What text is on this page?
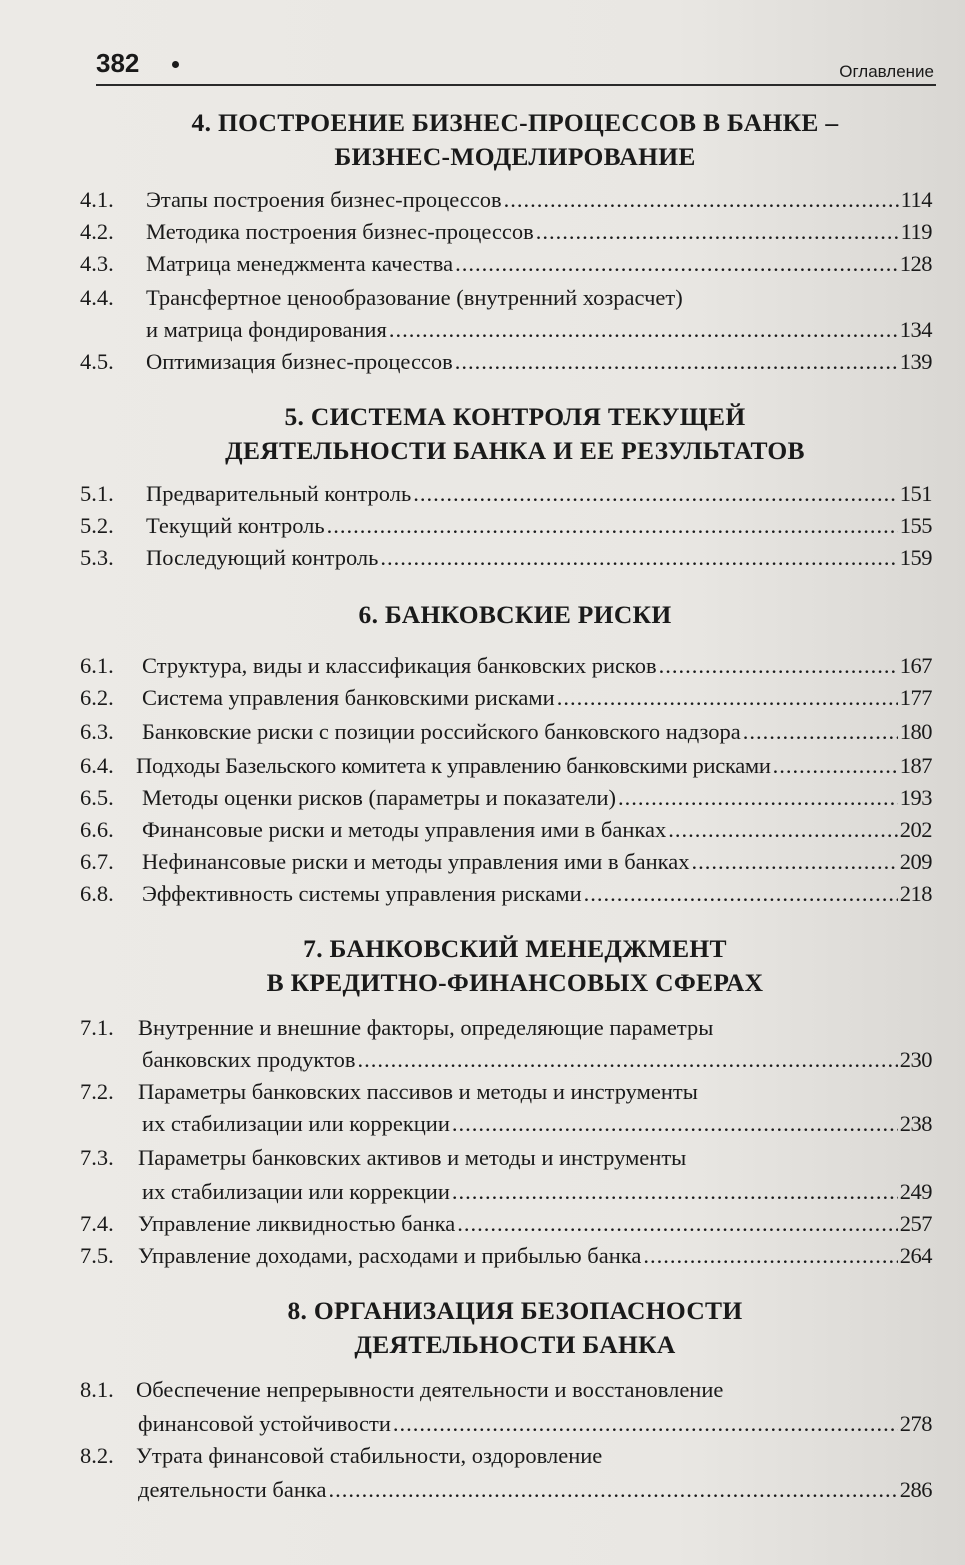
382	Оглавление
4. ПОСТРОЕНИЕ БИЗНЕС-ПРОЦЕССОВ В БАНКЕ –
БИЗНЕС-МОДЕЛИРОВАНИЕ
4.1. Этапы построения бизнес-процессов .....	114
4.2. Методика построения бизнес-процессов .....	119
4.3. Матрица менеджмента качества .....	128
4.4. Трансфертное ценообразование (внутренний хозрасчет)
и матрица фондирования .....	134
4.5. Оптимизация бизнес-процессов .....	139
5. СИСТЕМА КОНТРОЛЯ ТЕКУЩЕЙ
ДЕЯТЕЛЬНОСТИ БАНКА И ЕЕ РЕЗУЛЬТАТОВ
5.1. Предварительный контроль .....	151
5.2. Текущий контроль .....	155
5.3. Последующий контроль .....	159
6. БАНКОВСКИЕ РИСКИ
6.1. Структура, виды и классификация банковских рисков .....	167
6.2. Система управления банковскими рисками .....	177
6.3. Банковские риски с позиции российского банковского надзора .....	180
6.4. Подходы Базельского комитета к управлению банковскими рисками .....	187
6.5. Методы оценки рисков (параметры и показатели) .....	193
6.6. Финансовые риски и методы управления ими в банках .....	202
6.7. Нефинансовые риски и методы управления ими в банках .....	209
6.8. Эффективность системы управления рисками .....	218
7. БАНКОВСКИЙ МЕНЕДЖМЕНТ
В КРЕДИТНО-ФИНАНСОВЫХ СФЕРАХ
7.1. Внутренние и внешние факторы, определяющие параметры
банковских продуктов .....	230
7.2. Параметры банковских пассивов и методы и инструменты
их стабилизации или коррекции .....	238
7.3. Параметры банковских активов и методы и инструменты
их стабилизации или коррекции .....	249
7.4. Управление ликвидностью банка .....	257
7.5. Управление доходами, расходами и прибылью банка .....	264
8. ОРГАНИЗАЦИЯ БЕЗОПАСНОСТИ
ДЕЯТЕЛЬНОСТИ БАНКА
8.1. Обеспечение непрерывности деятельности и восстановление
финансовой устойчивости .....	278
8.2. Утрата финансовой стабильности, оздоровление
деятельности банка .....	286
